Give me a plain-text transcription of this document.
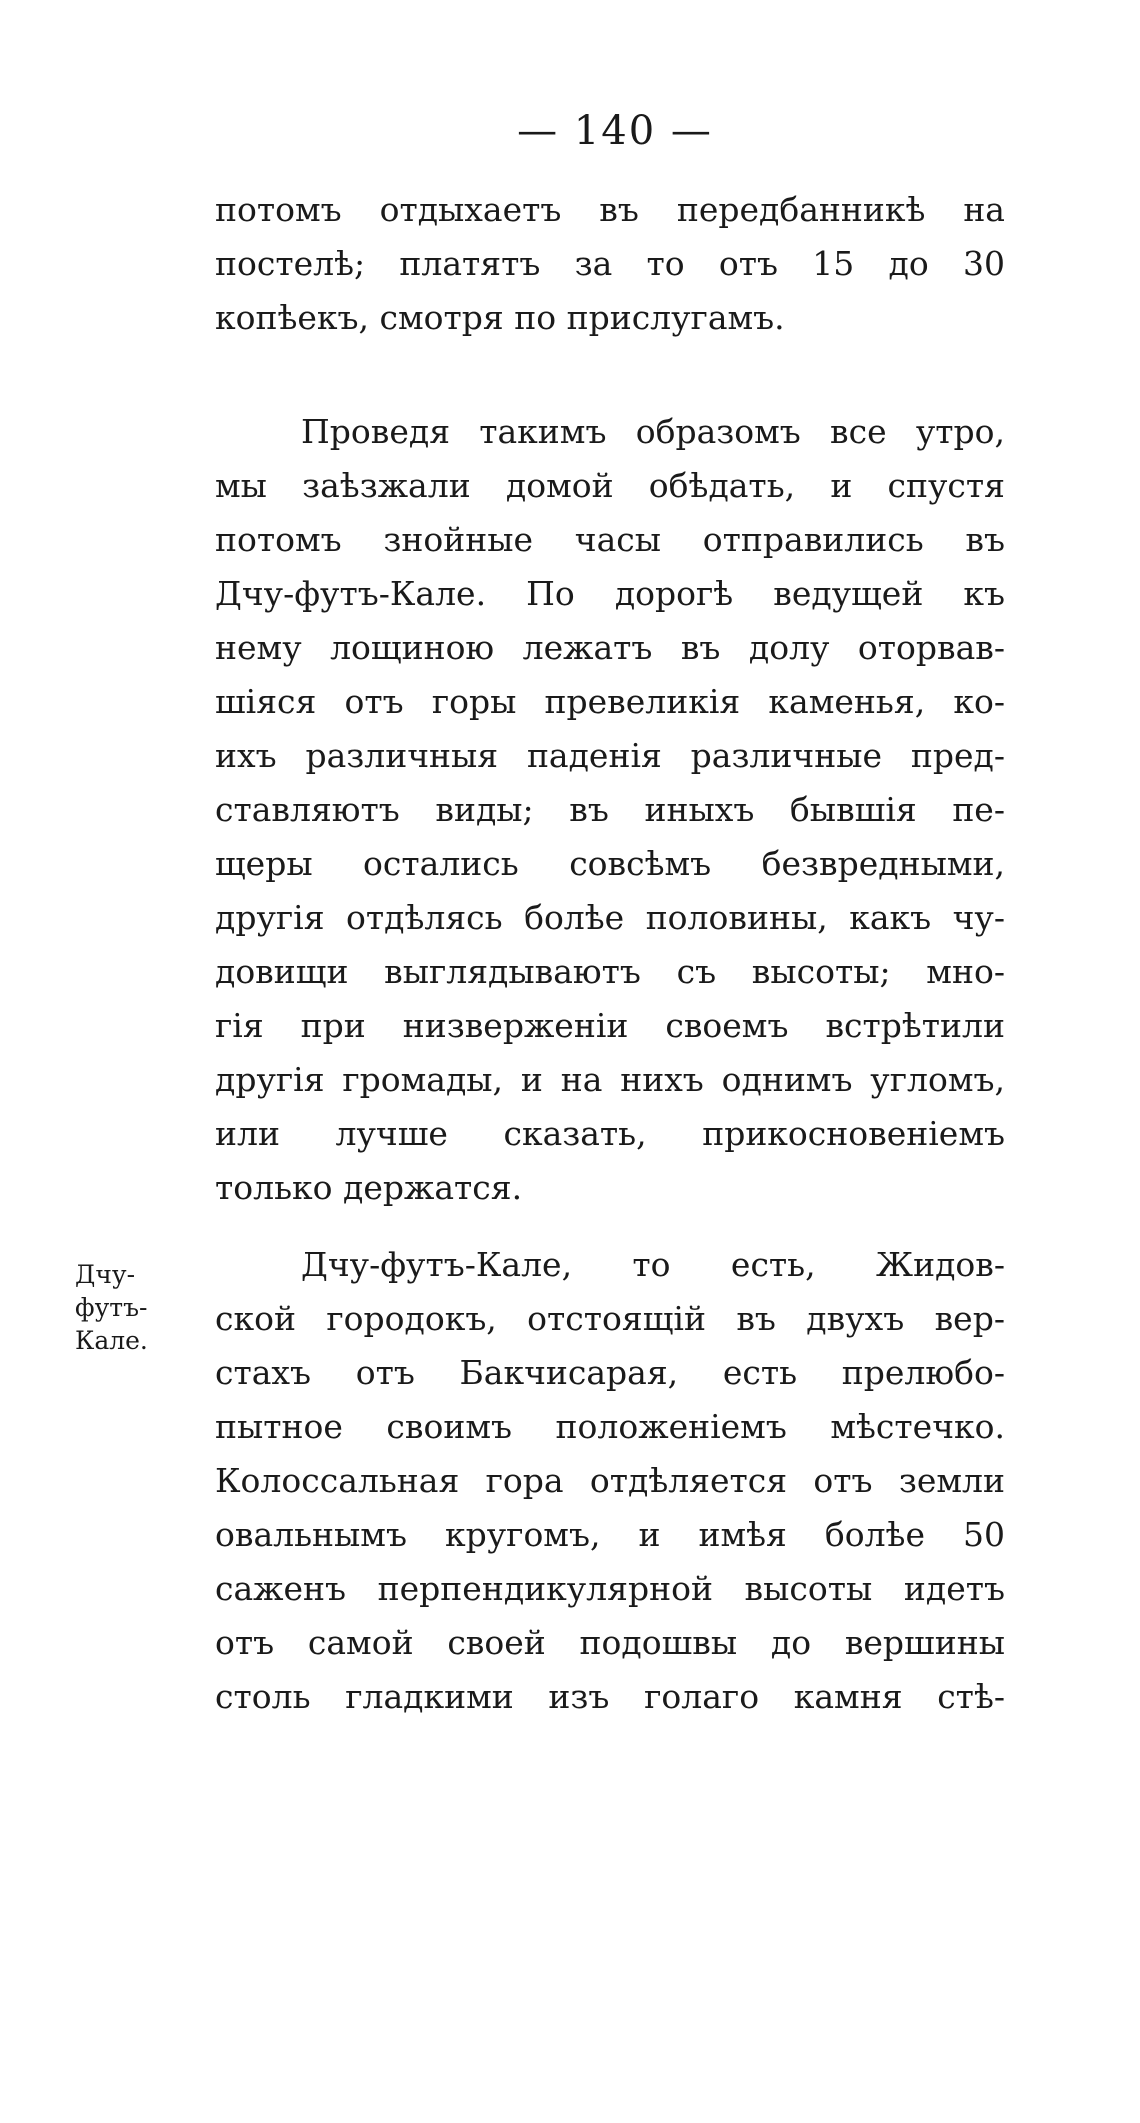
— 140 —
потомъ отдыхаетъ въ передбанникѣ на
постелѣ; платятъ за то отъ 15 до 30
копѣекъ, смотря по прислугамъ.
Проведя такимъ образомъ все утро,
мы заѣзжали домой обѣдать, и спустя
потомъ знойные часы отправились въ
Дчу-футъ-Кале. По дорогѣ ведущей къ
нему лощиною лежатъ въ долу оторвав-
шіяся отъ горы превеликія каменья, ко-
ихъ различныя паденія различные пред-
ставляютъ виды; въ иныхъ бывшія пе-
щеры остались совсѣмъ безвредными,
другія отдѣлясь болѣе половины, какъ чу-
довищи выглядываютъ съ высоты; мно-
гія при низверженіи своемъ встрѣтили
другія громады, и на нихъ однимъ угломъ,
или лучше сказать, прикосновеніемъ
только держатся.
Дчу-
футъ-
Кале.
Дчу-футъ-Кале, то есть, Жидов-
ской городокъ, отстоящій въ двухъ вер-
стахъ отъ Бакчисарая, есть прелюбо-
пытное своимъ положеніемъ мѣстечко.
Колоссальная гора отдѣляется отъ земли
овальнымъ кругомъ, и имѣя болѣе 50
саженъ перпендикулярной высоты идетъ
отъ самой своей подошвы до вершины
столь гладкими изъ голаго камня стѣ-
